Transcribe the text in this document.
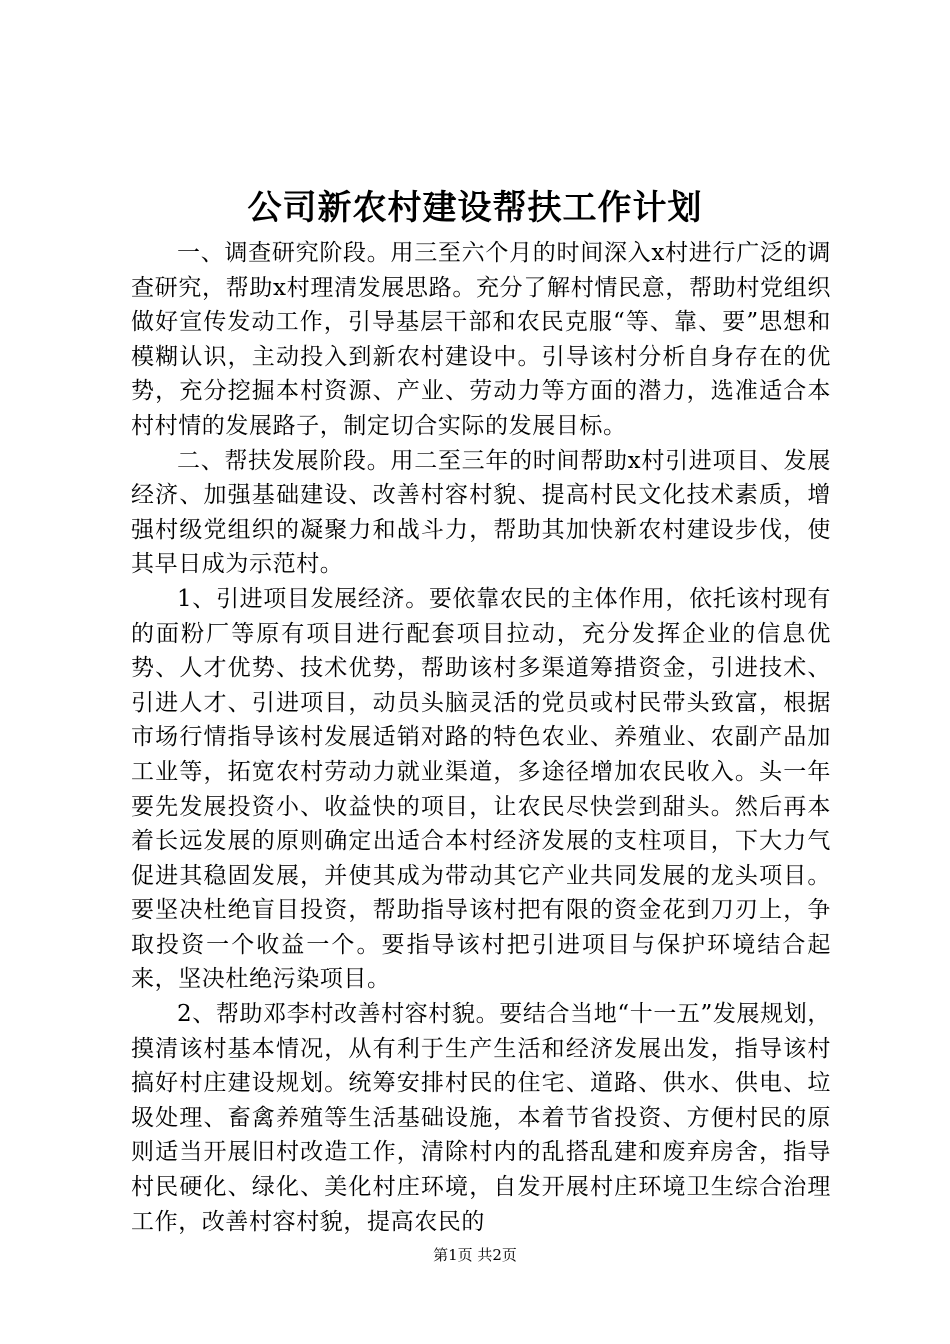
公司新农村建设帮扶工作计划

一、调查研究阶段。用三至六个月的时间深入x村进行广泛的调查研究，帮助x村理清发展思路。充分了解村情民意，帮助村党组织做好宣传发动工作，引导基层干部和农民克服“等、靠、要”思想和模糊认识，主动投入到新农村建设中。引导该村分析自身存在的优势，充分挖掘本村资源、产业、劳动力等方面的潜力，选准适合本村村情的发展路子，制定切合实际的发展目标。

二、帮扶发展阶段。用二至三年的时间帮助x村引进项目、发展经济、加强基础建设、改善村容村貌、提高村民文化技术素质，增强村级党组织的凝聚力和战斗力，帮助其加快新农村建设步伐，使其早日成为示范村。

1、引进项目发展经济。要依靠农民的主体作用，依托该村现有的面粉厂等原有项目进行配套项目拉动，充分发挥企业的信息优势、人才优势、技术优势，帮助该村多渠道筹措资金，引进技术、引进人才、引进项目，动员头脑灵活的党员或村民带头致富，根据市场行情指导该村发展适销对路的特色农业、养殖业、农副产品加工业等，拓宽农村劳动力就业渠道，多途径增加农民收入。头一年要先发展投资小、收益快的项目，让农民尽快尝到甜头。然后再本着长远发展的原则确定出适合本村经济发展的支柱项目，下大力气促进其稳固发展，并使其成为带动其它产业共同发展的龙头项目。要坚决杜绝盲目投资，帮助指导该村把有限的资金花到刀刃上，争取投资一个收益一个。要指导该村把引进项目与保护环境结合起来，坚决杜绝污染项目。

2、帮助邓李村改善村容村貌。要结合当地“十一五”发展规划，摸清该村基本情况，从有利于生产生活和经济发展出发，指导该村搞好村庄建设规划。统筹安排村民的住宅、道路、供水、供电、垃圾处理、畜禽养殖等生活基础设施，本着节省投资、方便村民的原则适当开展旧村改造工作，清除村内的乱搭乱建和废弃房舍，指导村民硬化、绿化、美化村庄环境，自发开展村庄环境卫生综合治理工作，改善村容村貌，提高农民的

第1页 共2页
